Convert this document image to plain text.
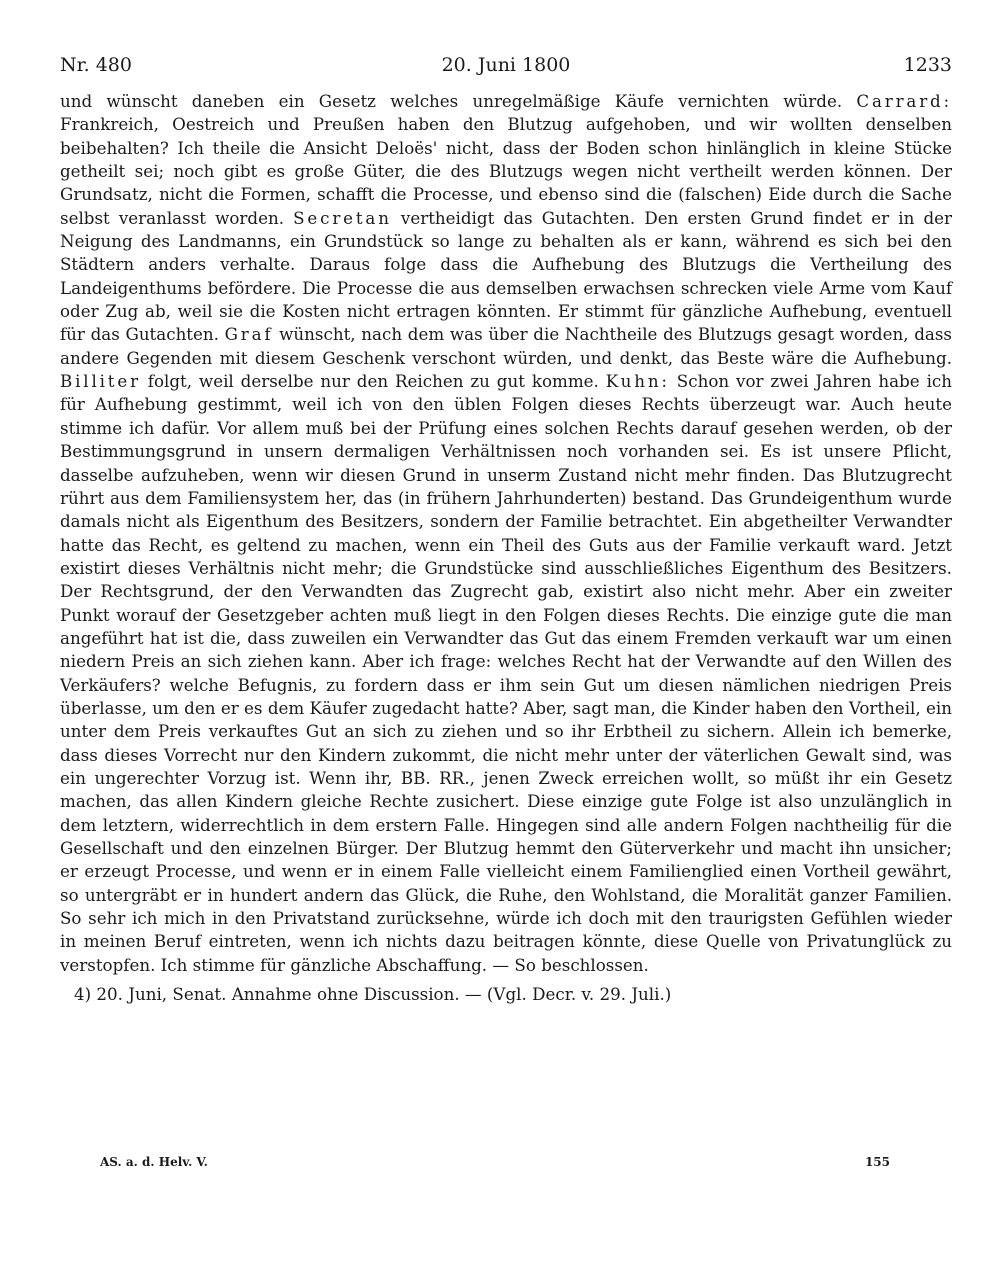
Nr. 480	20. Juni 1800	1233
und wünscht daneben ein Gesetz welches unregelmäßige Käufe vernichten würde. Carrard: Frankreich, Oestreich und Preußen haben den Blutzug aufgehoben, und wir wollten denselben beibehalten? Ich theile die Ansicht Deloës' nicht, dass der Boden schon hinlänglich in kleine Stücke getheilt sei; noch gibt es große Güter, die des Blutzugs wegen nicht vertheilt werden können. Der Grundsatz, nicht die Formen, schafft die Processe, und ebenso sind die (falschen) Eide durch die Sache selbst veranlasst worden. Secretan vertheidigt das Gutachten. Den ersten Grund findet er in der Neigung des Landmanns, ein Grundstück so lange zu behalten als er kann, während es sich bei den Städtern anders verhalte. Daraus folge dass die Aufhebung des Blutzugs die Vertheilung des Landeigenthums befördere. Die Processe die aus demselben erwachsen schrecken viele Arme vom Kauf oder Zug ab, weil sie die Kosten nicht ertragen könnten. Er stimmt für gänzliche Aufhebung, eventuell für das Gutachten. Graf wünscht, nach dem was über die Nachtheile des Blutzugs gesagt worden, dass andere Gegenden mit diesem Geschenk verschont würden, und denkt, das Beste wäre die Aufhebung. Billiter folgt, weil derselbe nur den Reichen zu gut komme. Kuhn: Schon vor zwei Jahren habe ich für Aufhebung gestimmt, weil ich von den üblen Folgen dieses Rechts überzeugt war. Auch heute stimme ich dafür. Vor allem muß bei der Prüfung eines solchen Rechts darauf gesehen werden, ob der Bestimmungsgrund in unsern dermaligen Verhältnissen noch vorhanden sei. Es ist unsere Pflicht, dasselbe aufzuheben, wenn wir diesen Grund in unserm Zustand nicht mehr finden. Das Blutzugrecht rührt aus dem Familiensystem her, das (in frühern Jahrhunderten) bestand. Das Grundeigenthum wurde damals nicht als Eigenthum des Besitzers, sondern der Familie betrachtet. Ein abgetheilter Verwandter hatte das Recht, es geltend zu machen, wenn ein Theil des Guts aus der Familie verkauft ward. Jetzt existirt dieses Verhältnis nicht mehr; die Grundstücke sind ausschließliches Eigenthum des Besitzers. Der Rechtsgrund, der den Verwandten das Zugrecht gab, existirt also nicht mehr. Aber ein zweiter Punkt worauf der Gesetzgeber achten muß liegt in den Folgen dieses Rechts. Die einzige gute die man angeführt hat ist die, dass zuweilen ein Verwandter das Gut das einem Fremden verkauft war um einen niedern Preis an sich ziehen kann. Aber ich frage: welches Recht hat der Verwandte auf den Willen des Verkäufers? welche Befugnis, zu fordern dass er ihm sein Gut um diesen nämlichen niedrigen Preis überlasse, um den er es dem Käufer zugedacht hatte? Aber, sagt man, die Kinder haben den Vortheil, ein unter dem Preis verkauftes Gut an sich zu ziehen und so ihr Erbtheil zu sichern. Allein ich bemerke, dass dieses Vorrecht nur den Kindern zukommt, die nicht mehr unter der väterlichen Gewalt sind, was ein ungerechter Vorzug ist. Wenn ihr, BB. RR., jenen Zweck erreichen wollt, so müßt ihr ein Gesetz machen, das allen Kindern gleiche Rechte zusichert. Diese einzige gute Folge ist also unzulänglich in dem letztern, widerrechtlich in dem erstern Falle. Hingegen sind alle andern Folgen nachtheilig für die Gesellschaft und den einzelnen Bürger. Der Blutzug hemmt den Güterverkehr und macht ihn unsicher; er erzeugt Processe, und wenn er in einem Falle vielleicht einem Familienglied einen Vortheil gewährt, so untergräbt er in hundert andern das Glück, die Ruhe, den Wohlstand, die Moralität ganzer Familien. So sehr ich mich in den Privatstand zurücksehne, würde ich doch mit den traurigsten Gefühlen wieder in meinen Beruf eintreten, wenn ich nichts dazu beitragen könnte, diese Quelle von Privatunglück zu verstopfen. Ich stimme für gänzliche Abschaffung. — So beschlossen.
4) 20. Juni, Senat. Annahme ohne Discussion. — (Vgl. Decr. v. 29. Juli.)
AS. a. d. Helv. V.	155
